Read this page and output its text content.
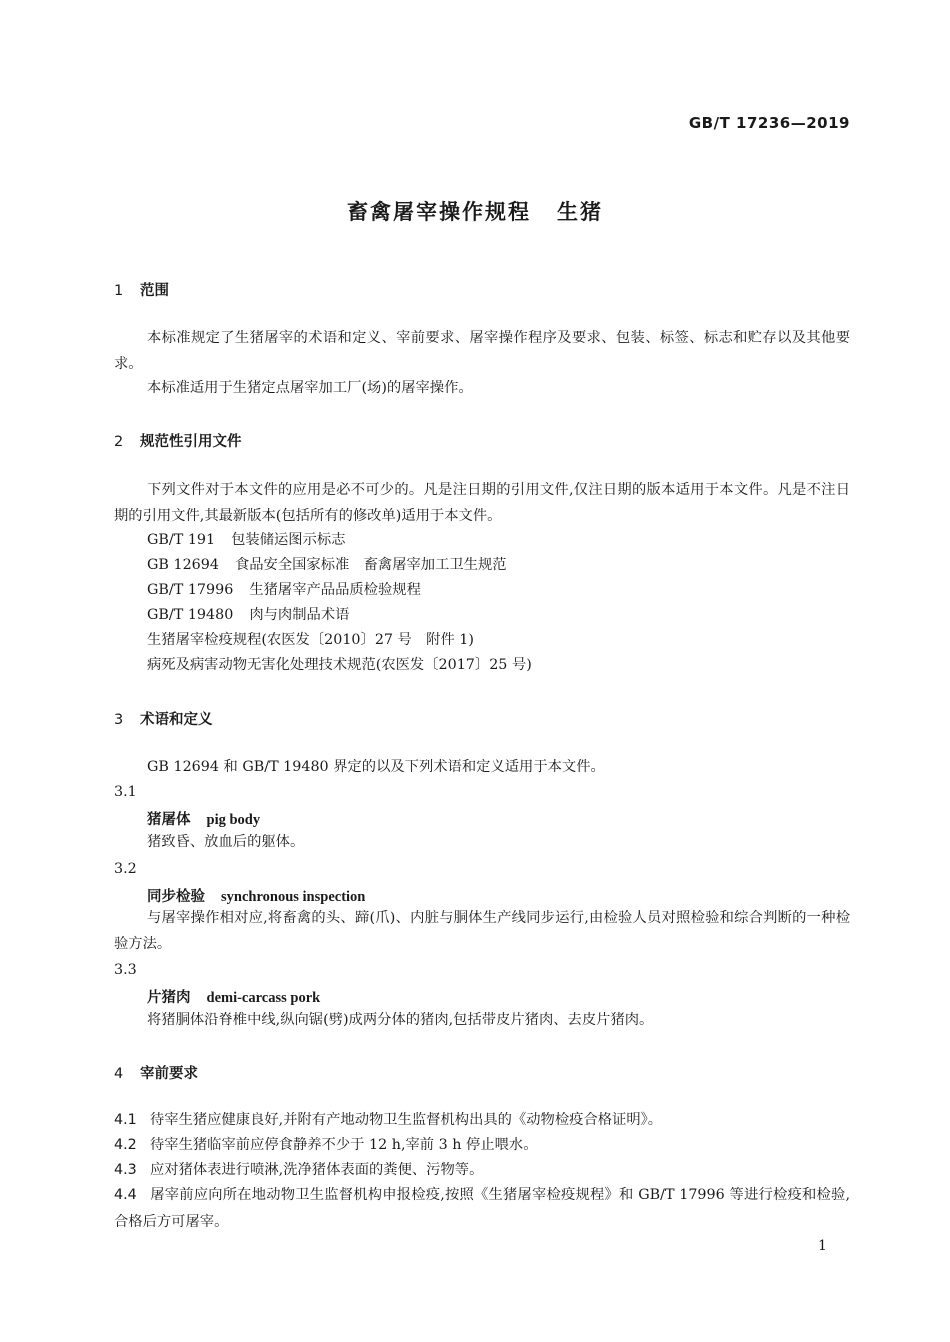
GB/T 17236—2019
畜禽屠宰操作规程 生猪
1 范围
本标准规定了生猪屠宰的术语和定义、宰前要求、屠宰操作程序及要求、包装、标签、标志和贮存以及其他要求。
本标准适用于生猪定点屠宰加工厂(场)的屠宰操作。
2 规范性引用文件
下列文件对于本文件的应用是必不可少的。凡是注日期的引用文件,仅注日期的版本适用于本文件。凡是不注日期的引用文件,其最新版本(包括所有的修改单)适用于本文件。
GB/T 191 包装储运图示标志
GB 12694 食品安全国家标准　畜禽屠宰加工卫生规范
GB/T 17996 生猪屠宰产品品质检验规程
GB/T 19480 肉与肉制品术语
生猪屠宰检疫规程(农医发〔2010〕27 号　附件 1)
病死及病害动物无害化处理技术规范(农医发〔2017〕25 号)
3 术语和定义
GB 12694 和 GB/T 19480 界定的以及下列术语和定义适用于本文件。
3.1
猪屠体 pig body
猪致昏、放血后的躯体。
3.2
同步检验 synchronous inspection
与屠宰操作相对应,将畜禽的头、蹄(爪)、内脏与胴体生产线同步运行,由检验人员对照检验和综合判断的一种检验方法。
3.3
片猪肉 demi-carcass pork
将猪胴体沿脊椎中线,纵向锯(劈)成两分体的猪肉,包括带皮片猪肉、去皮片猪肉。
4 宰前要求
4.1 待宰生猪应健康良好,并附有产地动物卫生监督机构出具的《动物检疫合格证明》。
4.2 待宰生猪临宰前应停食静养不少于 12 h,宰前 3 h 停止喂水。
4.3 应对猪体表进行喷淋,洗净猪体表面的粪便、污物等。
4.4 屠宰前应向所在地动物卫生监督机构申报检疫,按照《生猪屠宰检疫规程》和 GB/T 17996 等进行检疫和检验,合格后方可屠宰。
1
